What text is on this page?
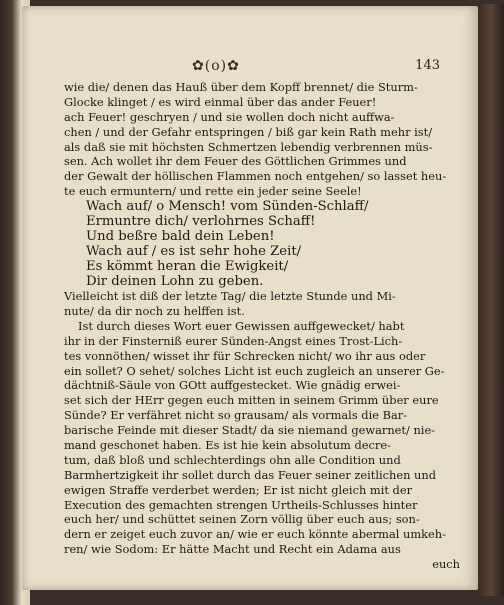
✿(o)✿	143
wie die/ denen das Hauß über dem Kopff brennet/ die Sturm-
Glocke klinget / es wird einmal über das ander Feuer!
ach Feuer! geschryen / und sie wollen doch nicht auffwa-
chen / und der Gefahr entspringen / biß gar kein Rath mehr ist/
als daß sie mit höchsten Schmertzen lebendig verbrennen müs-
sen. Ach wollet ihr dem Feuer des Göttlichen Grimmes und
der Gewalt der höllischen Flammen noch entgehen/ so lasset heu-
te euch ermuntern/ und rette ein jeder seine Seele!
Wach auf/ o Mensch! vom Sünden-Schlaff/
Ermuntre dich/ verlohrnes Schaff!
Und beßre bald dein Leben!
Wach auf / es ist sehr hohe Zeit/
Es kömmt heran die Ewigkeit/
Dir deinen Lohn zu geben.
Vielleicht ist diß der letzte Tag/ die letzte Stunde und Mi-
nute/ da dir noch zu helffen ist.
Ist durch dieses Wort euer Gewissen auffgewecket/ habt
ihr in der Finsterniß eurer Sünden-Angst eines Trost-Lich-
tes vonnöthen/ wisset ihr für Schrecken nicht/ wo ihr aus oder
ein sollet? O sehet/ solches Licht ist euch zugleich an unserer Ge-
dächtniß-Säule von GOtt auffgestecket. Wie gnädig erwei-
set sich der HErr gegen euch mitten in seinem Grimm über eure
Sünde? Er verfähret nicht so grausam/ als vormals die Bar-
barische Feinde mit dieser Stadt/ da sie niemand gewarnet/ nie-
mand geschonet haben. Es ist hie kein absolutum decre-
tum, daß bloß und schlechterdings ohn alle Condition und
Barmhertzigkeit ihr sollet durch das Feuer seiner zeitlichen und
ewigen Straffe verderbet werden; Er ist nicht gleich mit der
Execution des gemachten strengen Urtheils-Schlusses hinter
euch her/ und schüttet seinen Zorn völlig über euch aus; son-
dern er zeiget euch zuvor an/ wie er euch könnte abermal umkeh-
ren/ wie Sodom: Er hätte Macht und Recht ein Adama aus
euch
